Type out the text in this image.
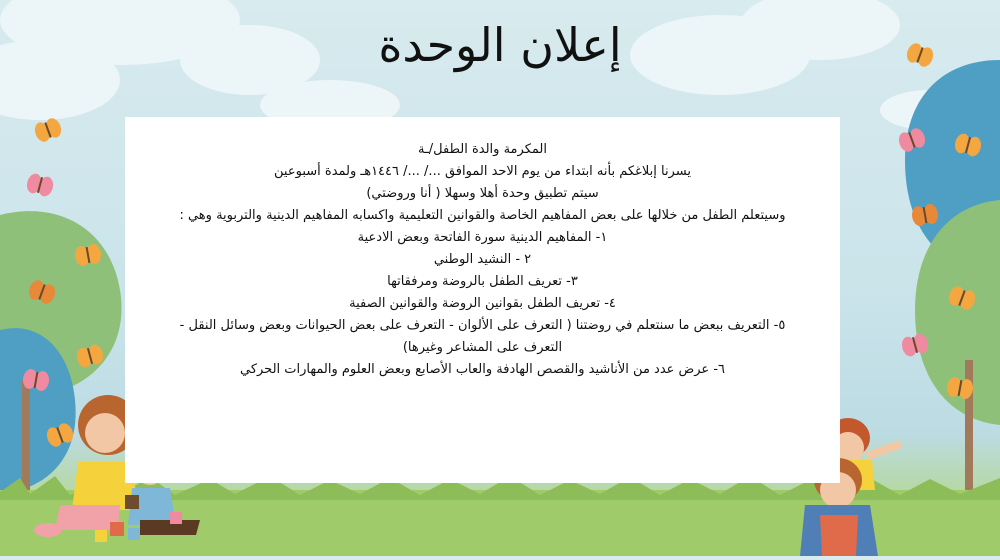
إعلان الوحدة
المكرمة والدة الطفل/ـة
يسرنا إبلاغكم بأنه ابتداء من يوم الاحد الموافق .../ .../ ١٤٤٦هـ ولمدة أسبوعين
سيتم تطبيق وحدة أهلا وسهلا ( أنا وروضتي)
وسيتعلم الطفل من خلالها على بعض المفاهيم الخاصة والقوانين التعليمية واكسابه المفاهيم الدينية والتربوية وهي :
١- المفاهيم الدينية سورة الفاتحة وبعض الادعية
٢ - النشيد الوطني
٣- تعريف الطفل بالروضة ومرفقاتها
٤- تعريف الطفل بقوانين الروضة والقوانين الصفية
٥- التعريف ببعض ما سنتعلم في روضتنا ( التعرف على الألوان - التعرف على بعض الحيوانات وبعض وسائل النقل -
التعرف على المشاعر وغيرها)
٦- عرض عدد من الأناشيد والقصص الهادفة والعاب الأصابع وبعض العلوم والمهارات الحركي
